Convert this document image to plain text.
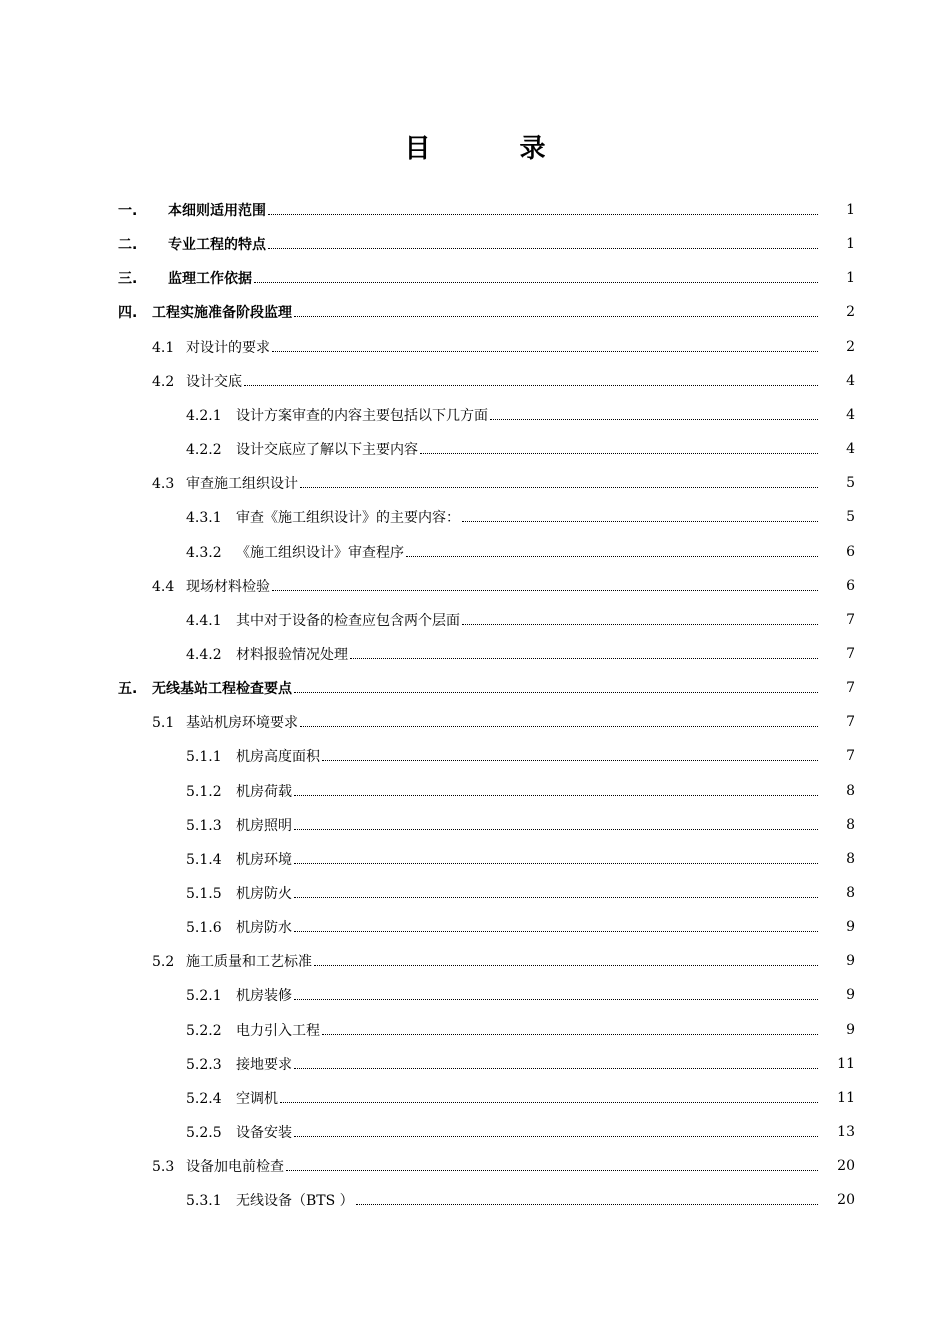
目 录
一.	本细则适用范围	1
二.	专业工程的特点	1
三.	监理工作依据	1
四.	工程实施准备阶段监理	2
4.1 对设计的要求	2
4.2 设计交底	4
4.2.1	设计方案审查的内容主要包括以下几方面	4
4.2.2	设计交底应了解以下主要内容	4
4.3 审查施工组织设计	5
4.3.1	审查《施工组织设计》的主要内容：	5
4.3.2	《施工组织设计》审查程序	6
4.4 现场材料检验	6
4.4.1	其中对于设备的检查应包含两个层面	7
4.4.2	材料报验情况处理	7
五.	无线基站工程检查要点	7
5.1 基站机房环境要求	7
5.1.1	机房高度面积	7
5.1.2	机房荷载	8
5.1.3	机房照明	8
5.1.4	机房环境	8
5.1.5	机房防火	8
5.1.6	机房防水	9
5.2 施工质量和工艺标准	9
5.2.1	机房装修	9
5.2.2	电力引入工程	9
5.2.3	接地要求	11
5.2.4	空调机	11
5.2.5	设备安装	13
5.3 设备加电前检查	20
5.3.1	无线设备（BTS ）	20
